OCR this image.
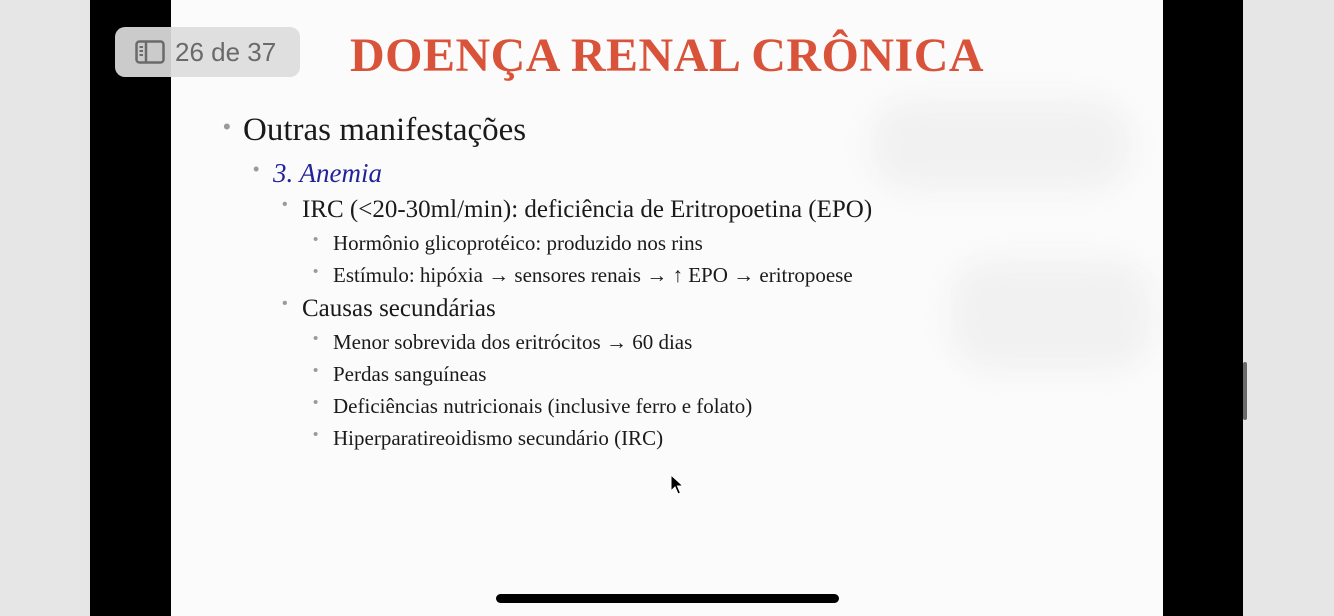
DOENÇA RENAL CRÔNICA
• Outras manifestações
• 3. Anemia
• IRC (<20-30ml/min): deficiência de Eritropoetina (EPO)
• Hormônio glicoprotéico: produzido nos rins
• Estímulo: hipóxia → sensores renais → ↑ EPO → eritropoese
• Causas secundárias
• Menor sobrevida dos eritrócitos → 60 dias
• Perdas sanguíneas
• Deficiências nutricionais (inclusive ferro e folato)
• Hiperparatireoidismo secundário (IRC)
26 de 37
